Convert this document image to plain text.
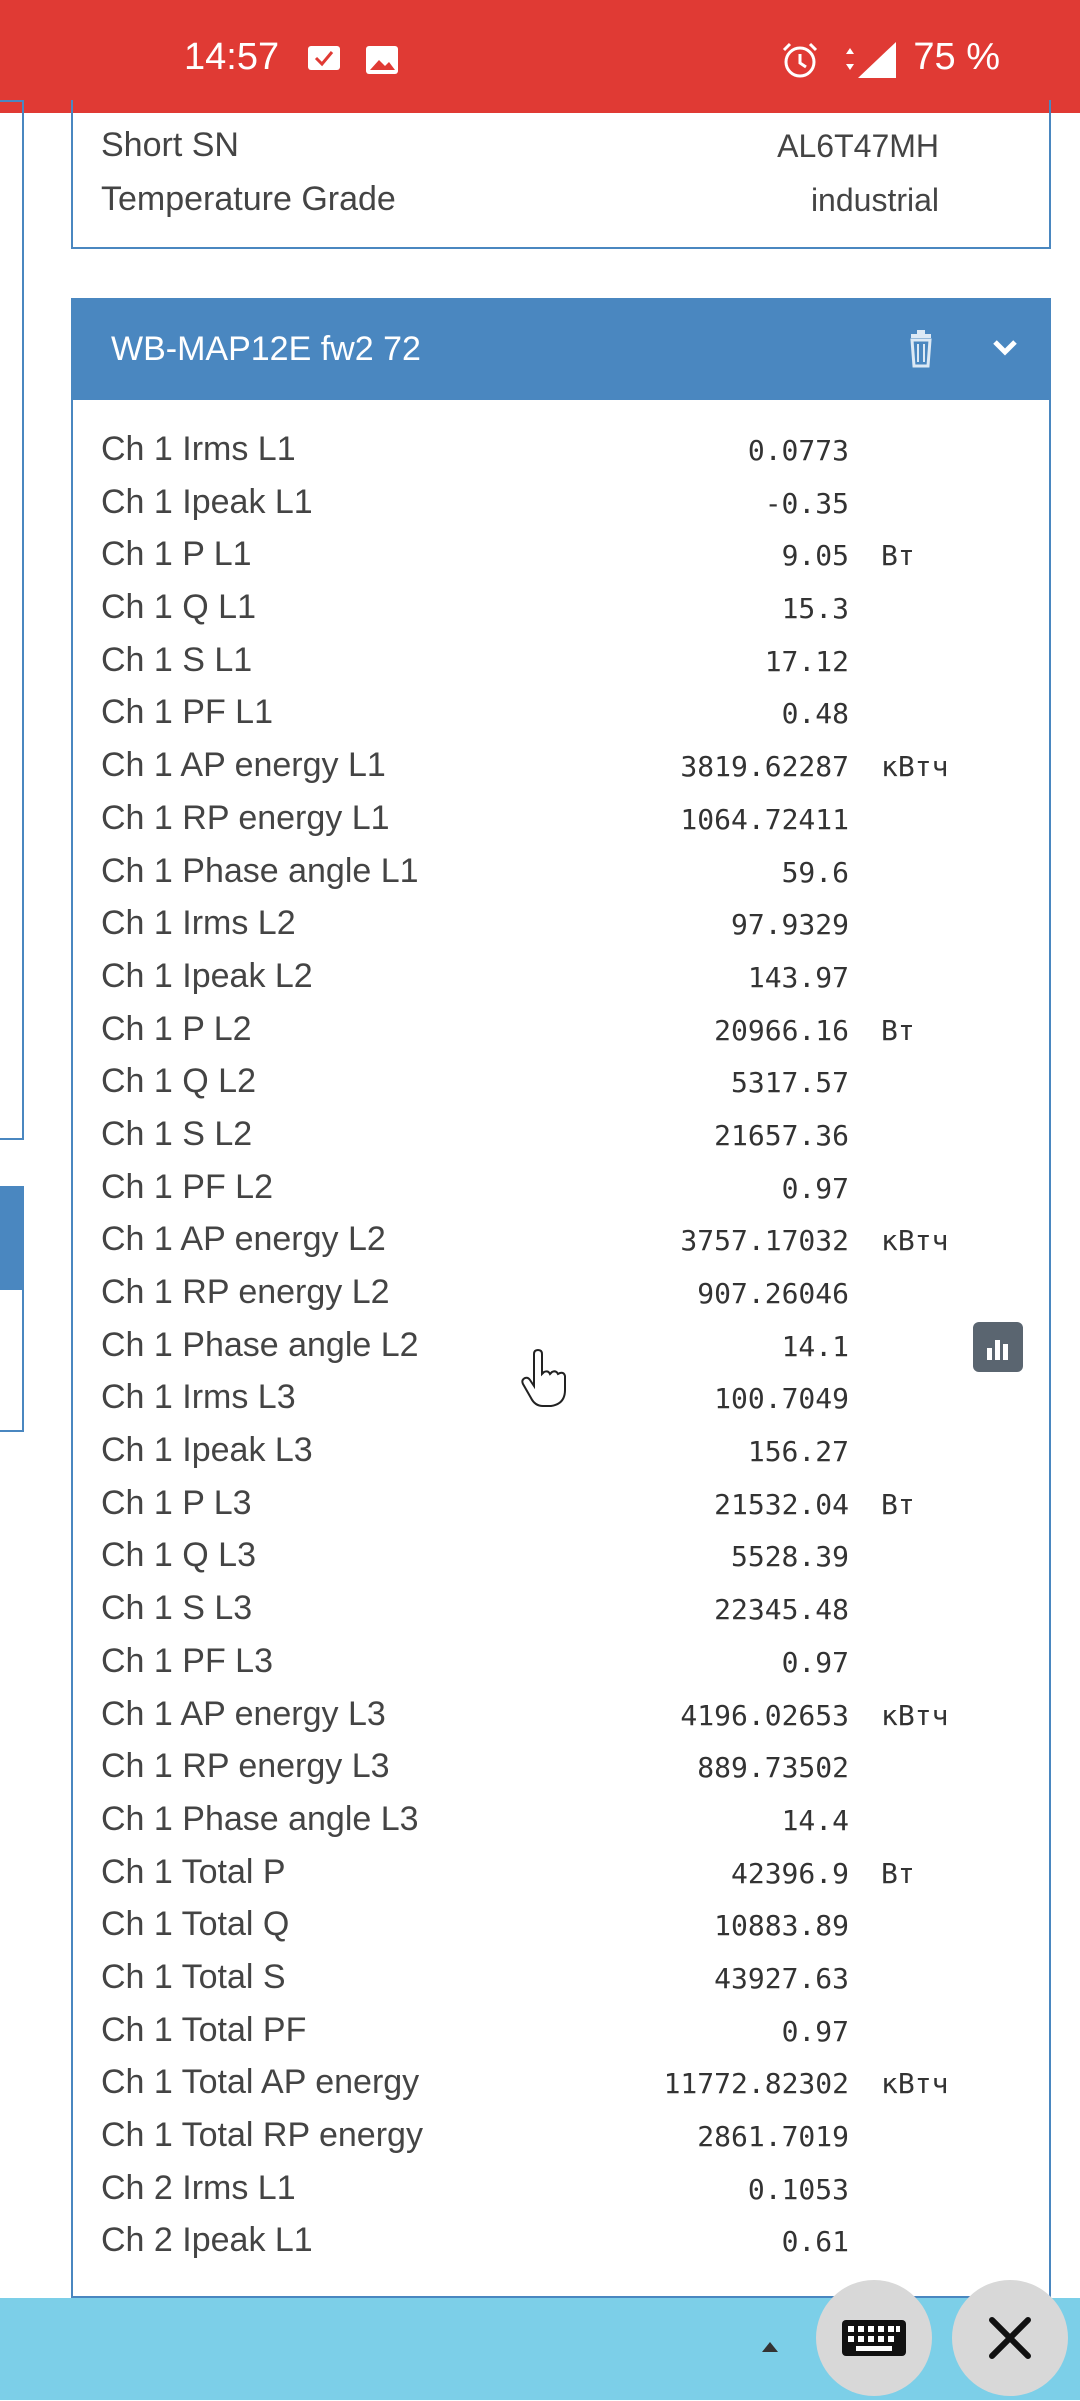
14:57	75 %
Short SN	AL6T47MH
Temperature Grade	industrial
WB-MAP12E fw2 72
Ch 1 Irms L1	0.0773
Ch 1 Ipeak L1	-0.35
Ch 1 P L1	9.05 Вт
Ch 1 Q L1	15.3
Ch 1 S L1	17.12
Ch 1 PF L1	0.48
Ch 1 AP energy L1	3819.62287 кВтч
Ch 1 RP energy L1	1064.72411
Ch 1 Phase angle L1	59.6
Ch 1 Irms L2	97.9329
Ch 1 Ipeak L2	143.97
Ch 1 P L2	20966.16 Вт
Ch 1 Q L2	5317.57
Ch 1 S L2	21657.36
Ch 1 PF L2	0.97
Ch 1 AP energy L2	3757.17032 кВтч
Ch 1 RP energy L2	907.26046
Ch 1 Phase angle L2	14.1
Ch 1 Irms L3	100.7049
Ch 1 Ipeak L3	156.27
Ch 1 P L3	21532.04 Вт
Ch 1 Q L3	5528.39
Ch 1 S L3	22345.48
Ch 1 PF L3	0.97
Ch 1 AP energy L3	4196.02653 кВтч
Ch 1 RP energy L3	889.73502
Ch 1 Phase angle L3	14.4
Ch 1 Total P	42396.9 Вт
Ch 1 Total Q	10883.89
Ch 1 Total S	43927.63
Ch 1 Total PF	0.97
Ch 1 Total AP energy	11772.82302 кВтч
Ch 1 Total RP energy	2861.7019
Ch 2 Irms L1	0.1053
Ch 2 Ipeak L1	0.61
